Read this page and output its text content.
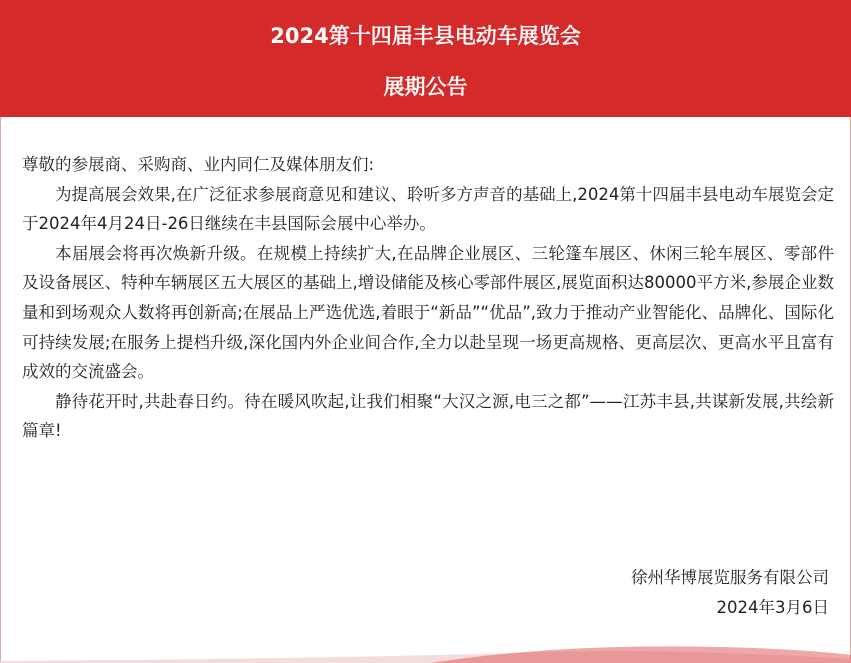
2024第十四届丰县电动车展览会
展期公告

尊敬的参展商、采购商、业内同仁及媒体朋友们:

为提高展会效果,在广泛征求参展商意见和建议、聆听多方声音的基础上,2024第十四届丰县电动车展览会定于2024年4月24日-26日继续在丰县国际会展中心举办。

本届展会将再次焕新升级。在规模上持续扩大,在品牌企业展区、三轮篷车展区、休闲三轮车展区、零部件及设备展区、特种车辆展区五大展区的基础上,增设储能及核心零部件展区,展览面积达80000平方米,参展企业数量和到场观众人数将再创新高;在展品上严选优选,着眼于“新品”“优品”,致力于推动产业智能化、品牌化、国际化可持续发展;在服务上提档升级,深化国内外企业间合作,全力以赴呈现一场更高规格、更高层次、更高水平且富有成效的交流盛会。

静待花开时,共赴春日约。待在暖风吹起,让我们相聚“大汉之源,电三之都”——江苏丰县,共谋新发展,共绘新篇章!

徐州华博展览服务有限公司
2024年3月6日
